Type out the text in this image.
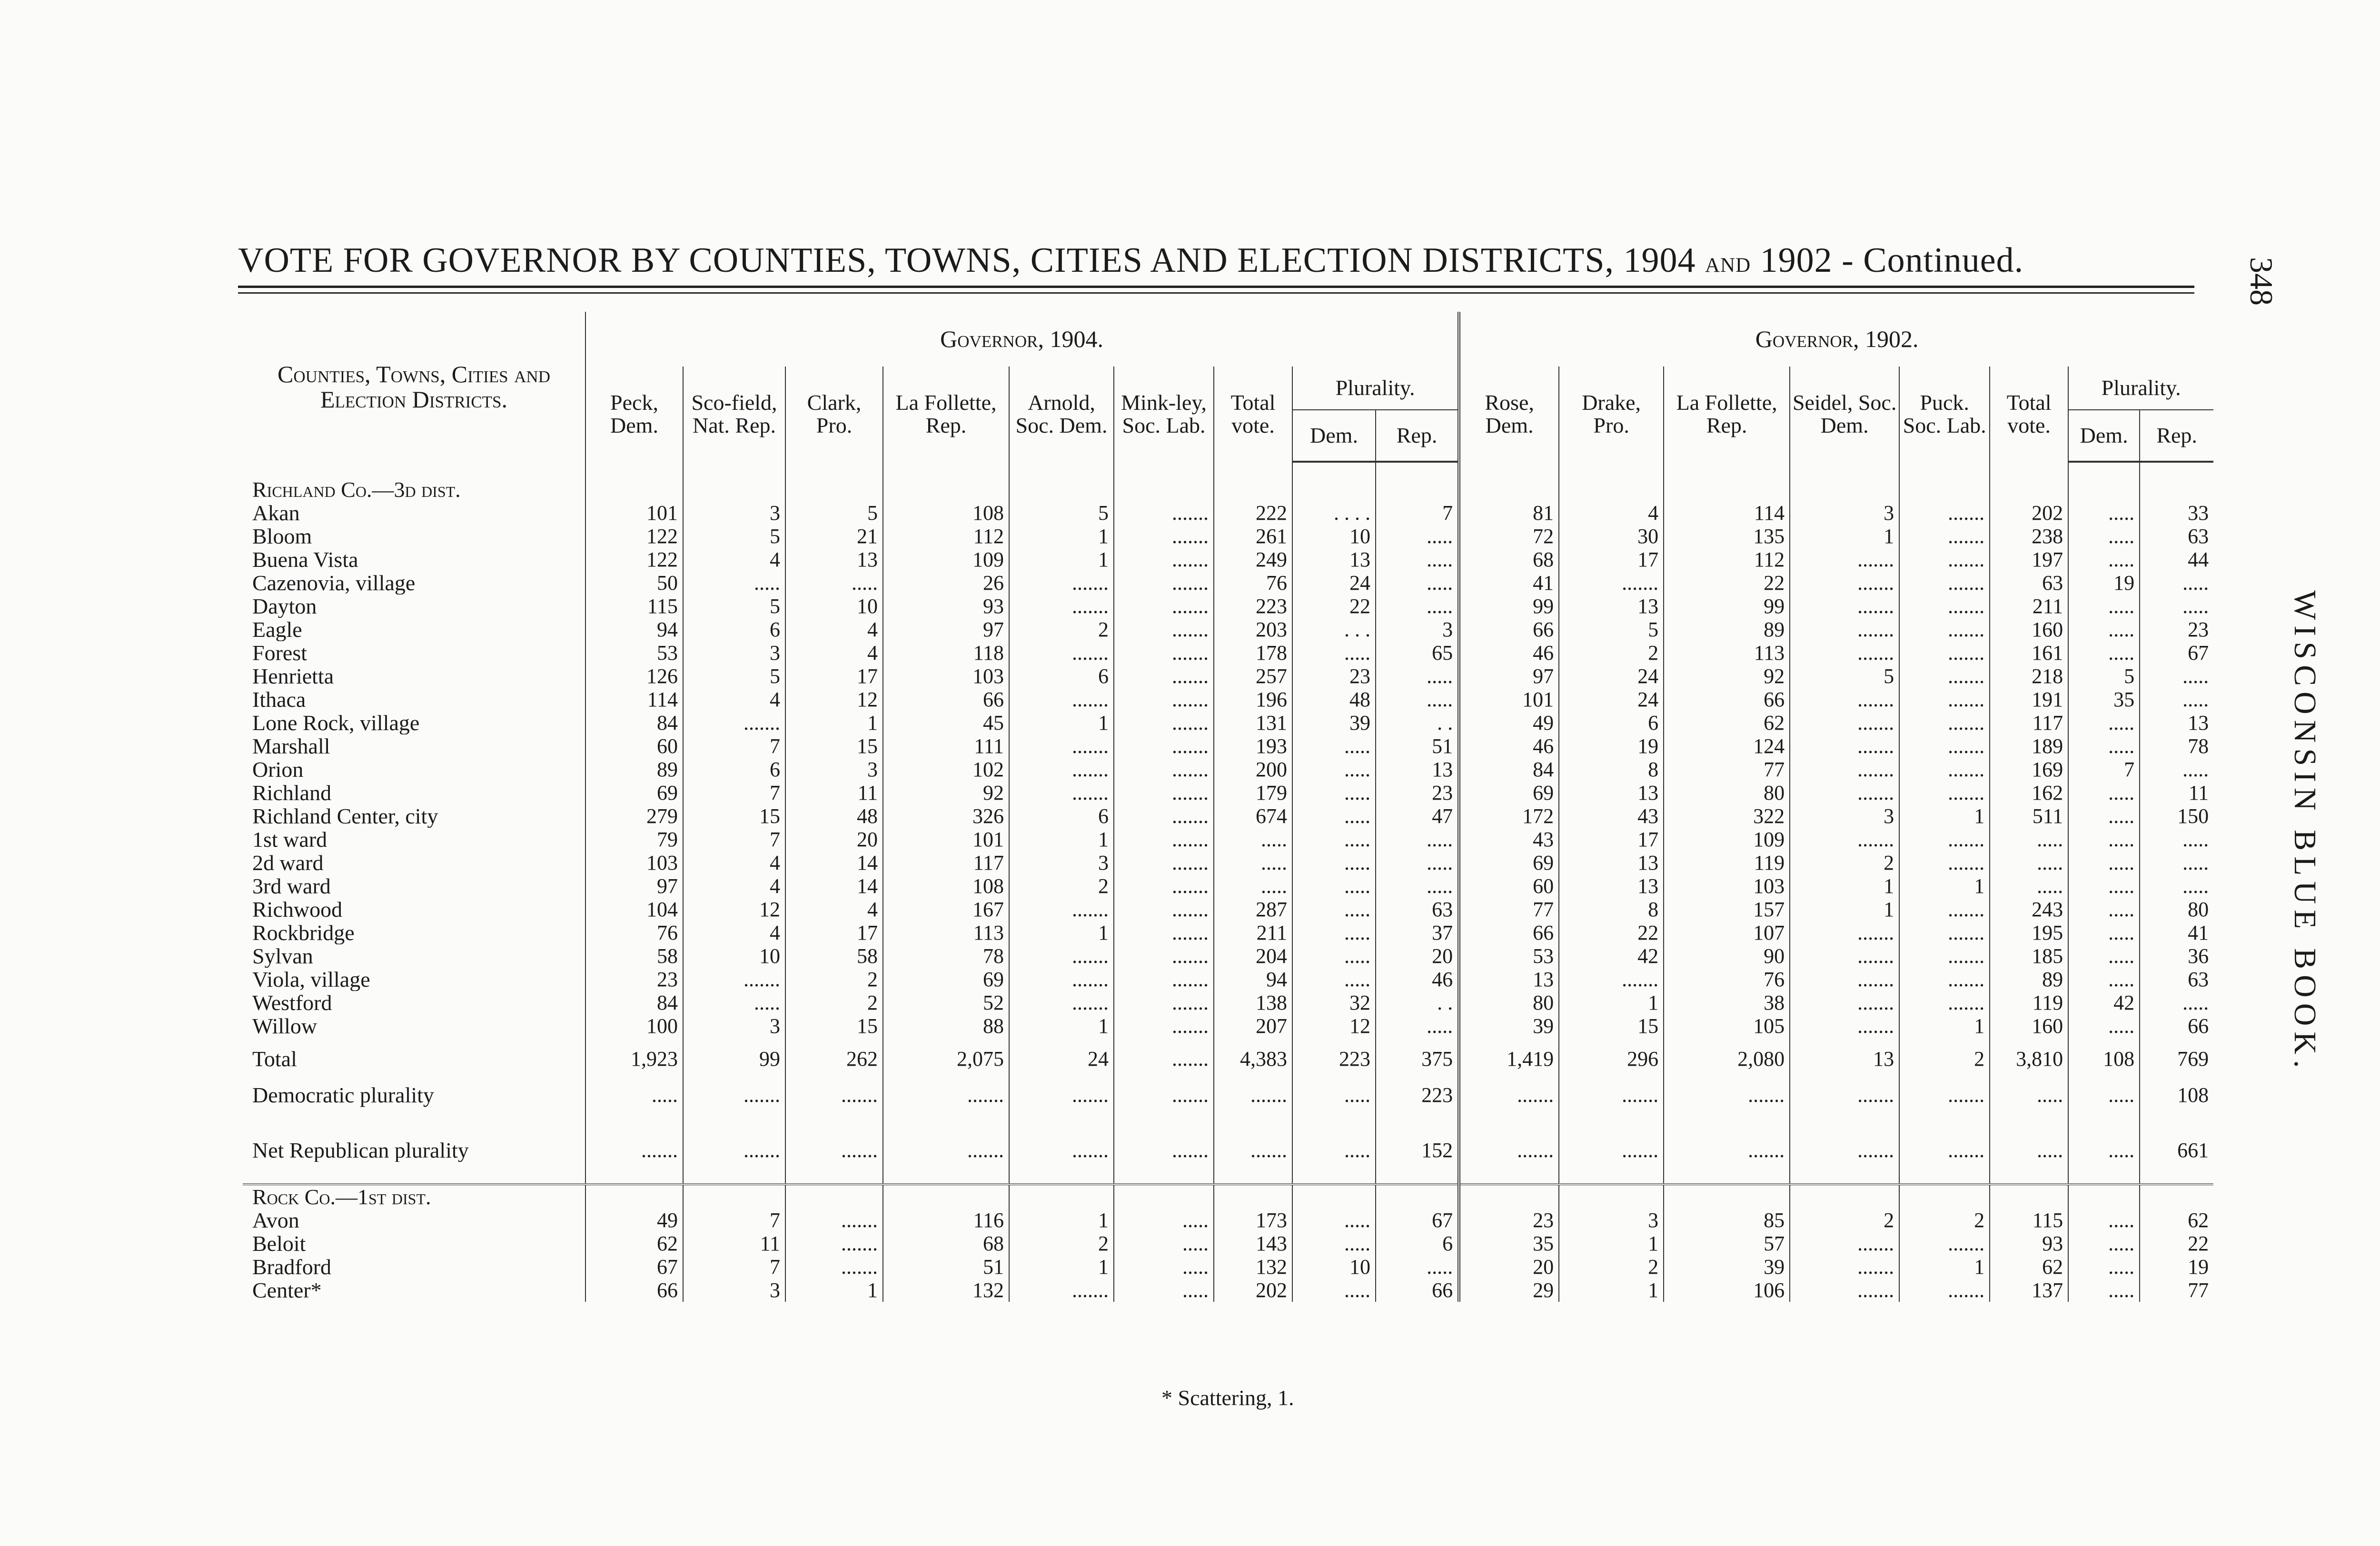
VOTE FOR GOVERNOR BY COUNTIES, TOWNS, CITIES AND ELECTION DISTRICTS, 1904 and 1902 - Continued.	348
WISCONSIN BLUE BOOK.
Counties, Towns, Cities and Election Districts.	Governor, 1904.									Governor, 1902.							
	Peck, Dem.	Sco-field, Nat. Rep.	Clark, Pro.	La Follette, Rep.	Arnold, Soc. Dem.	Mink-ley, Soc. Lab.	Total vote.	Plurality.		Rose, Dem.	Drake, Pro.	La Follette, Rep.	Seidel, Soc. Dem.	Puck. Soc. Lab.	Total vote.	Plurality.	
								Dem.	Rep.							Dem.	Rep.

Richland Co.—3d dist.																	
Akan	101	3	5	108	5	.......	222	. . . .	7	81	4	114	3	.......	202	.....	33
Bloom	122	5	21	112	1	.......	261	10	.....	72	30	135	1	.......	238	.....	63
Buena Vista	122	4	13	109	1	.......	249	13	.....	68	17	112	.......	.......	197	.....	44
Cazenovia, village	50	.....	.....	26	.......	.......	76	24	.....	41	.......	22	.......	.......	63	19	.....
Dayton	115	5	10	93	.......	.......	223	22	.....	99	13	99	.......	.......	211	.....	.....
Eagle	94	6	4	97	2	.......	203	. . .	3	66	5	89	.......	.......	160	.....	23
Forest	53	3	4	118	.......	.......	178	.....	65	46	2	113	.......	.......	161	.....	67
Henrietta	126	5	17	103	6	.......	257	23	.....	97	24	92	5	.......	218	5	.....
Ithaca	114	4	12	66	.......	.......	196	48	.....	101	24	66	.......	.......	191	35	.....
Lone Rock, village	84	.......	1	45	1	.......	131	39	. .	49	6	62	.......	.......	117	.....	13
Marshall	60	7	15	111	.......	.......	193	.....	51	46	19	124	.......	.......	189	.....	78
Orion	89	6	3	102	.......	.......	200	.....	13	84	8	77	.......	.......	169	7	.....
Richland	69	7	11	92	.......	.......	179	.....	23	69	13	80	.......	.......	162	.....	11
Richland Center, city	279	15	48	326	6	.......	674	.....	47	172	43	322	3	1	511	.....	150
1st ward	79	7	20	101	1	.......	.....	.....	.....	43	17	109	.......	.......	.....	.....	.....
2d ward	103	4	14	117	3	.......	.....	.....	.....	69	13	119	2	.......	.....	.....	.....
3rd ward	97	4	14	108	2	.......	.....	.....	.....	60	13	103	1	1	.....	.....	.....
Richwood	104	12	4	167	.......	.......	287	.....	63	77	8	157	1	.......	243	.....	80
Rockbridge	76	4	17	113	1	.......	211	.....	37	66	22	107	.......	.......	195	.....	41
Sylvan	58	10	58	78	.......	.......	204	.....	20	53	42	90	.......	.......	185	.....	36
Viola, village	23	.......	2	69	.......	.......	94	.....	46	13	.......	76	.......	.......	89	.....	63
Westford	84	.....	2	52	.......	.......	138	32	. .	80	1	38	.......	.......	119	42	.....
Willow	100	3	15	88	1	.......	207	12	.....	39	15	105	.......	1	160	.....	66
Total	1,923	99	262	2,075	24	.......	4,383	223	375	1,419	296	2,080	13	2	3,810	108	769
Democratic plurality	.....	.......	.......	.......	.......	.......	.......	.....	223	.......	.......	.......	.......	.......	.....	.....	108

Net Republican plurality	.......	.......	.......	.......	.......	.......	.......	.....	152	.......	.......	.......	.......	.......	.....	.....	661

Rock Co.—1st dist.																	
Avon	49	7	.......	116	1	.....	173	.....	67	23	3	85	2	2	115	.....	62
Beloit	62	11	.......	68	2	.....	143	.....	6	35	1	57	.......	.......	93	.....	22
Bradford	67	7	.......	51	1	.....	132	10	.....	20	2	39	.......	1	62	.....	19
Center*	66	3	1	132	.......	.....	202	.....	66	29	1	106	.......	.......	137	.....	77
* Scattering, 1.
